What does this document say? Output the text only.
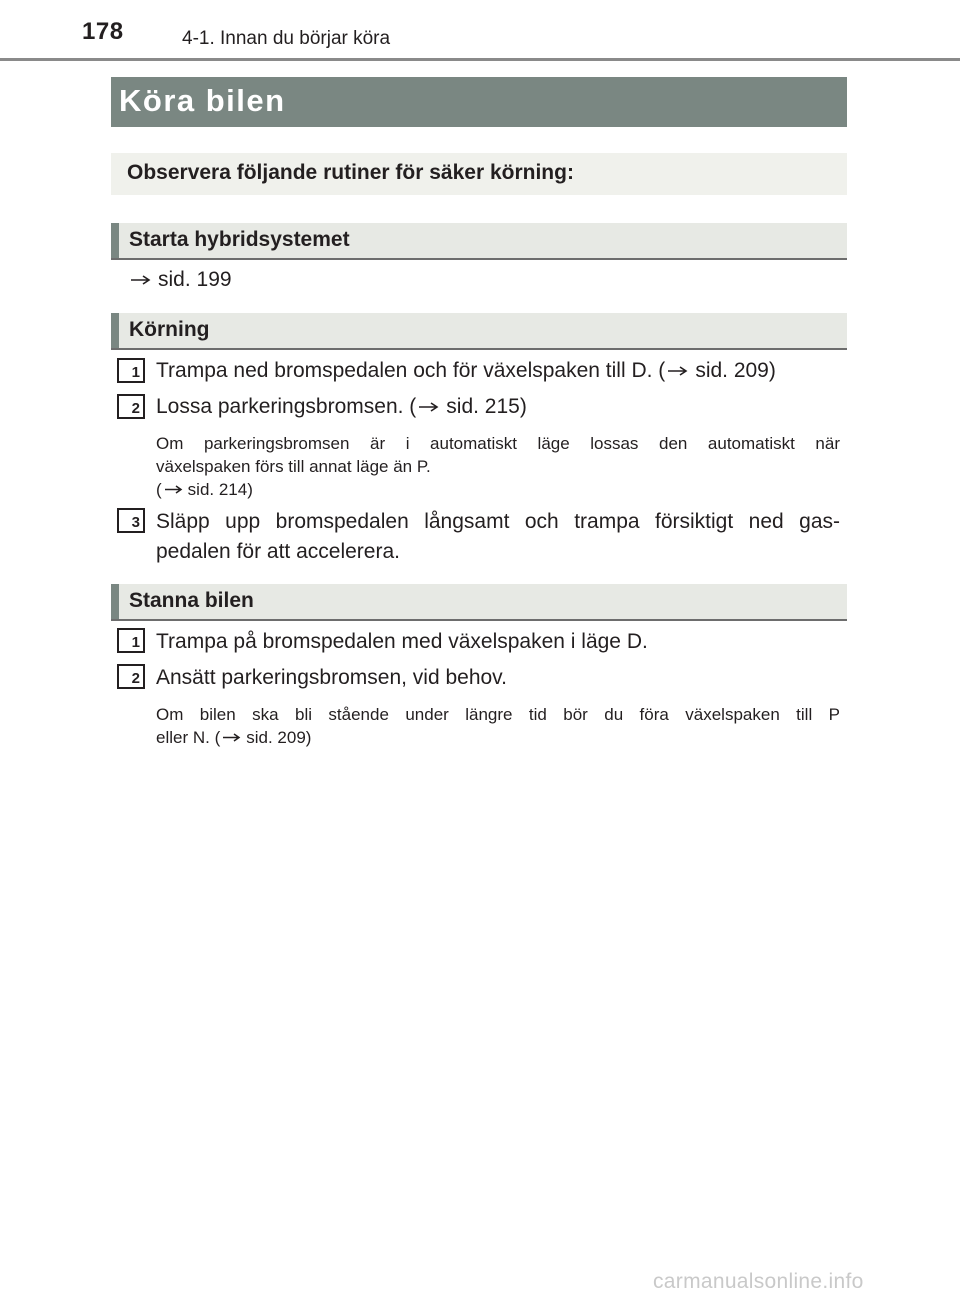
178	4-1. Innan du börjar köra
Köra bilen
Observera följande rutiner för säker körning:
Starta hybridsystemet
sid. 199
Körning
1 Trampa ned bromspedalen och för växelspaken till D. ( sid. 209)
2 Lossa parkeringsbromsen. ( sid. 215)
Om parkeringsbromsen är i automatiskt läge lossas den automatiskt när
växelspaken förs till annat läge än P.
( sid. 214)
3 Släpp upp bromspedalen långsamt och trampa försiktigt ned gas-
pedalen för att accelerera.
Stanna bilen
1 Trampa på bromspedalen med växelspaken i läge D.
2 Ansätt parkeringsbromsen, vid behov.
Om bilen ska bli stående under längre tid bör du föra växelspaken till P
eller N. ( sid. 209)
carmanualsonline.info
